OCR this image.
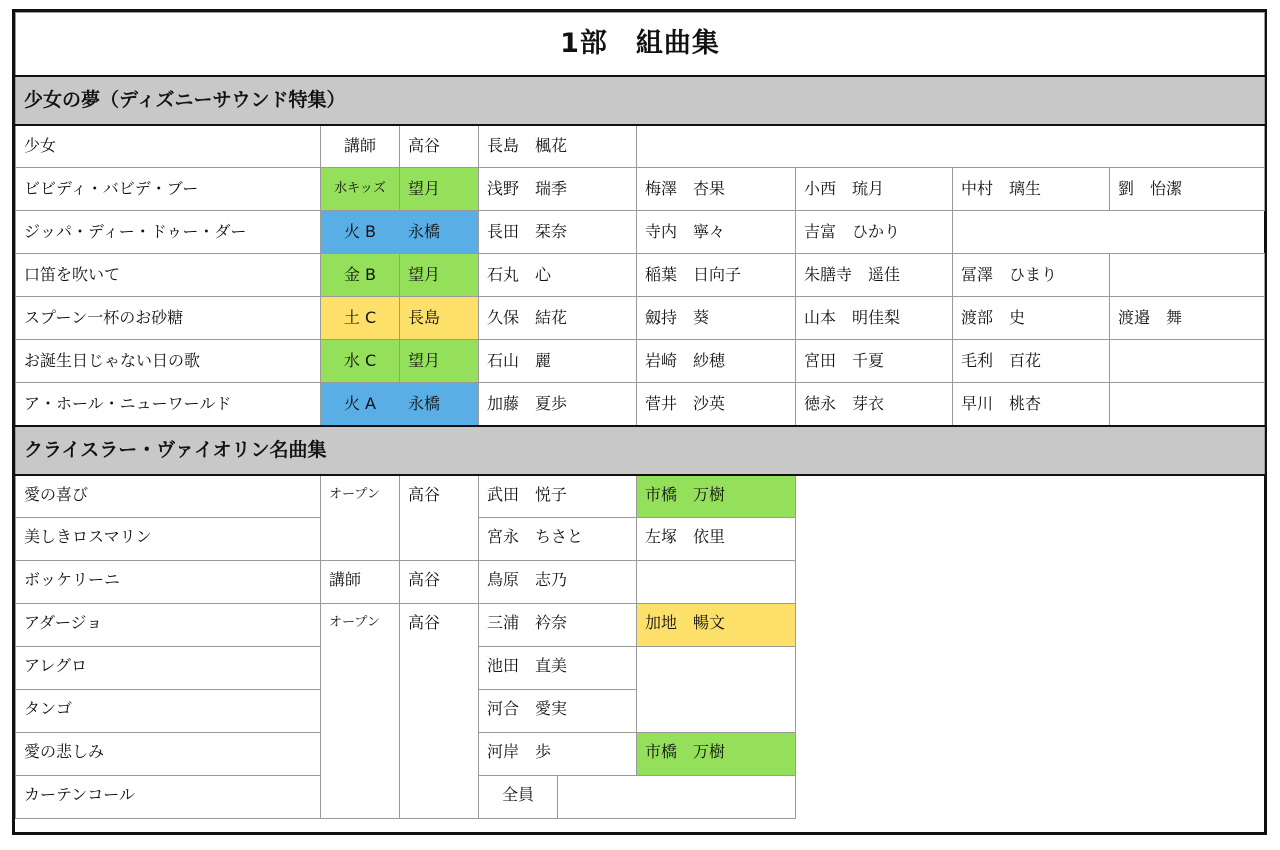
1部　組曲集								
少女の夢（ディズニーサウンド特集）								
少女	講師	高谷	長島　楓花					
ビビディ・バビデ・ブー	水キッズ	望月	浅野　瑞季		梅澤　杏果	小西　琉月	中村　璃生	劉　怡潔
ジッパ・ディー・ドゥー・ダー	火 B	永橋	長田　栞奈		寺内　寧々	吉富　ひかり		
口笛を吹いて	金 B	望月	石丸　心		稲葉　日向子	朱膳寺　遥佳	冨澤　ひまり	
スプーン一杯のお砂糖	土 C	長島	久保　結花		劔持　葵	山本　明佳梨	渡部　史	渡邉　舞
お誕生日じゃない日の歌	水 C	望月	石山　麗		岩崎　紗穂	宮田　千夏	毛利　百花	
ア・ホール・ニューワールド	火 A	永橋	加藤　夏歩		菅井　沙英	徳永　芽衣	早川　桃杏	
クライスラー・ヴァイオリン名曲集								
愛の喜び	オープン	高谷	武田　悦子		市橋　万樹			
美しきロスマリン			宮永　ちさと		左塚　依里			
ボッケリーニ	講師	高谷	鳥原　志乃					
アダージョ	オープン	高谷	三浦　衿奈		加地　暢文			
アレグロ			池田　直美					
タンゴ			河合　愛実					
愛の悲しみ			河岸　歩		市橋　万樹			
カーテンコール			全員					
